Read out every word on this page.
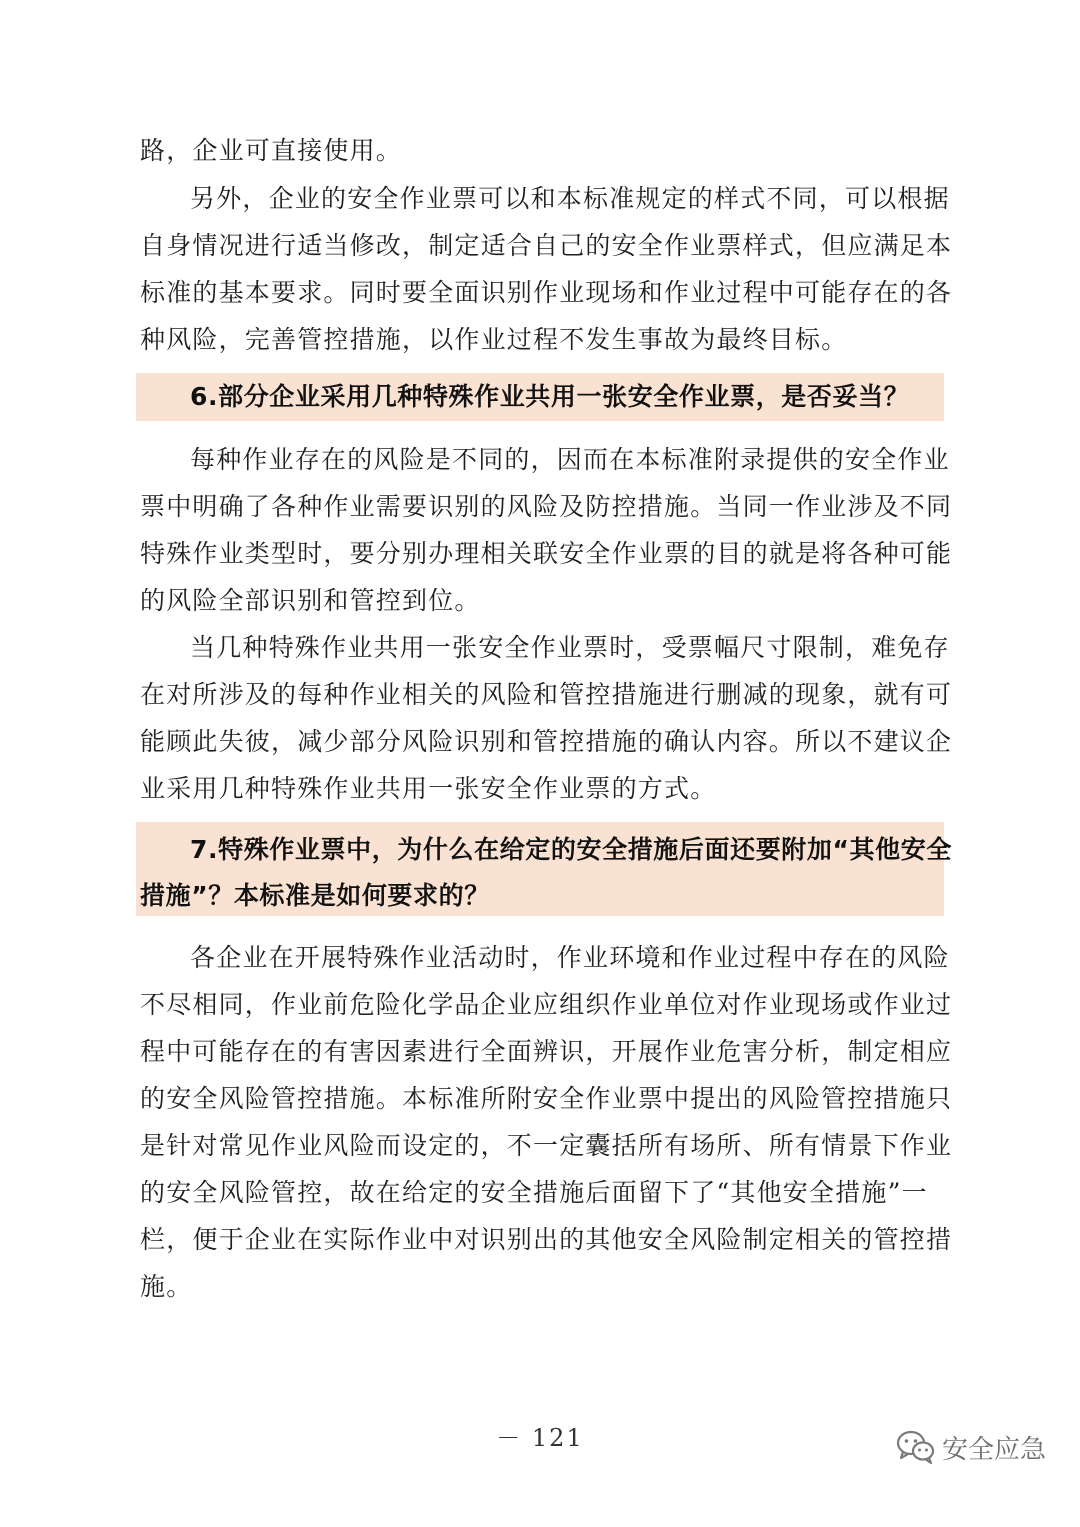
路，企业可直接使用。
另外，企业的安全作业票可以和本标准规定的样式不同，可以根据
自身情况进行适当修改，制定适合自己的安全作业票样式，但应满足本
标准的基本要求。同时要全面识别作业现场和作业过程中可能存在的各
种风险，完善管控措施，以作业过程不发生事故为最终目标。
6.部分企业采用几种特殊作业共用一张安全作业票，是否妥当？
每种作业存在的风险是不同的，因而在本标准附录提供的安全作业
票中明确了各种作业需要识别的风险及防控措施。当同一作业涉及不同
特殊作业类型时，要分别办理相关联安全作业票的目的就是将各种可能
的风险全部识别和管控到位。
当几种特殊作业共用一张安全作业票时，受票幅尺寸限制，难免存
在对所涉及的每种作业相关的风险和管控措施进行删减的现象，就有可
能顾此失彼，减少部分风险识别和管控措施的确认内容。所以不建议企
业采用几种特殊作业共用一张安全作业票的方式。
7.特殊作业票中，为什么在给定的安全措施后面还要附加“其他安全
措施”？本标准是如何要求的？
各企业在开展特殊作业活动时，作业环境和作业过程中存在的风险
不尽相同，作业前危险化学品企业应组织作业单位对作业现场或作业过
程中可能存在的有害因素进行全面辨识，开展作业危害分析，制定相应
的安全风险管控措施。本标准所附安全作业票中提出的风险管控措施只
是针对常见作业风险而设定的，不一定囊括所有场所、所有情景下作业
的安全风险管控，故在给定的安全措施后面留下了“其他安全措施”一
栏，便于企业在实际作业中对识别出的其他安全风险制定相关的管控措
施。
－ 121	安全应急
